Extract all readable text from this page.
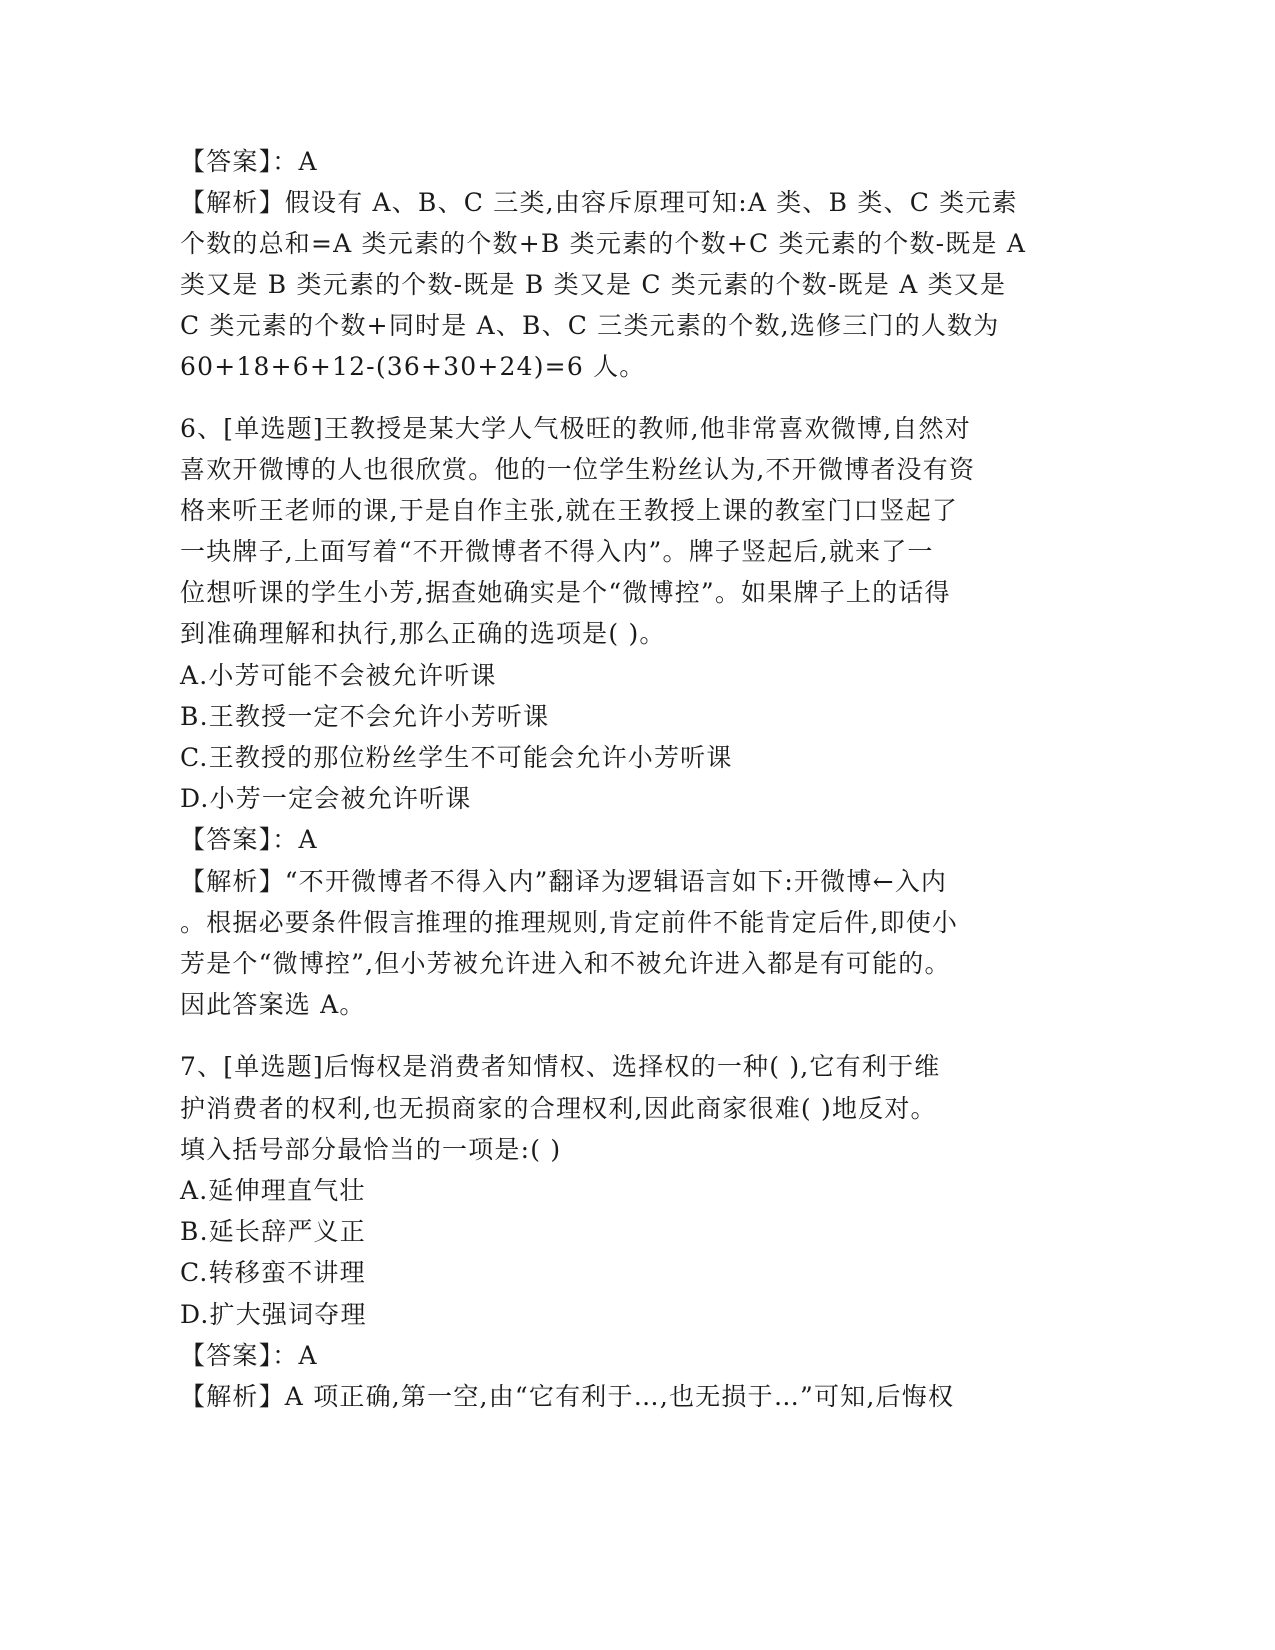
【答案】：A
【解析】假设有 A、B、C 三类,由容斥原理可知:A 类、B 类、C 类元素
个数的总和=A 类元素的个数+B 类元素的个数+C 类元素的个数-既是 A
类又是 B 类元素的个数-既是 B 类又是 C 类元素的个数-既是 A 类又是
C 类元素的个数+同时是 A、B、C 三类元素的个数,选修三门的人数为
60+18+6+12-(36+30+24)=6 人。
6、[单选题]王教授是某大学人气极旺的教师,他非常喜欢微博,自然对
喜欢开微博的人也很欣赏。他的一位学生粉丝认为,不开微博者没有资
格来听王老师的课,于是自作主张,就在王教授上课的教室门口竖起了
一块牌子,上面写着“不开微博者不得入内”。牌子竖起后,就来了一
位想听课的学生小芳,据查她确实是个“微博控”。如果牌子上的话得
到准确理解和执行,那么正确的选项是( )。
A.小芳可能不会被允许听课
B.王教授一定不会允许小芳听课
C.王教授的那位粉丝学生不可能会允许小芳听课
D.小芳一定会被允许听课
【答案】：A
【解析】“不开微博者不得入内”翻译为逻辑语言如下:开微博←入内
。根据必要条件假言推理的推理规则,肯定前件不能肯定后件,即使小
芳是个“微博控”,但小芳被允许进入和不被允许进入都是有可能的。
因此答案选 A。
7、[单选题]后悔权是消费者知情权、选择权的一种( ),它有利于维
护消费者的权利,也无损商家的合理权利,因此商家很难( )地反对。
填入括号部分最恰当的一项是:( )
A.延伸理直气壮
B.延长辞严义正
C.转移蛮不讲理
D.扩大强词夺理
【答案】：A
【解析】A 项正确,第一空,由“它有利于…,也无损于…”可知,后悔权
